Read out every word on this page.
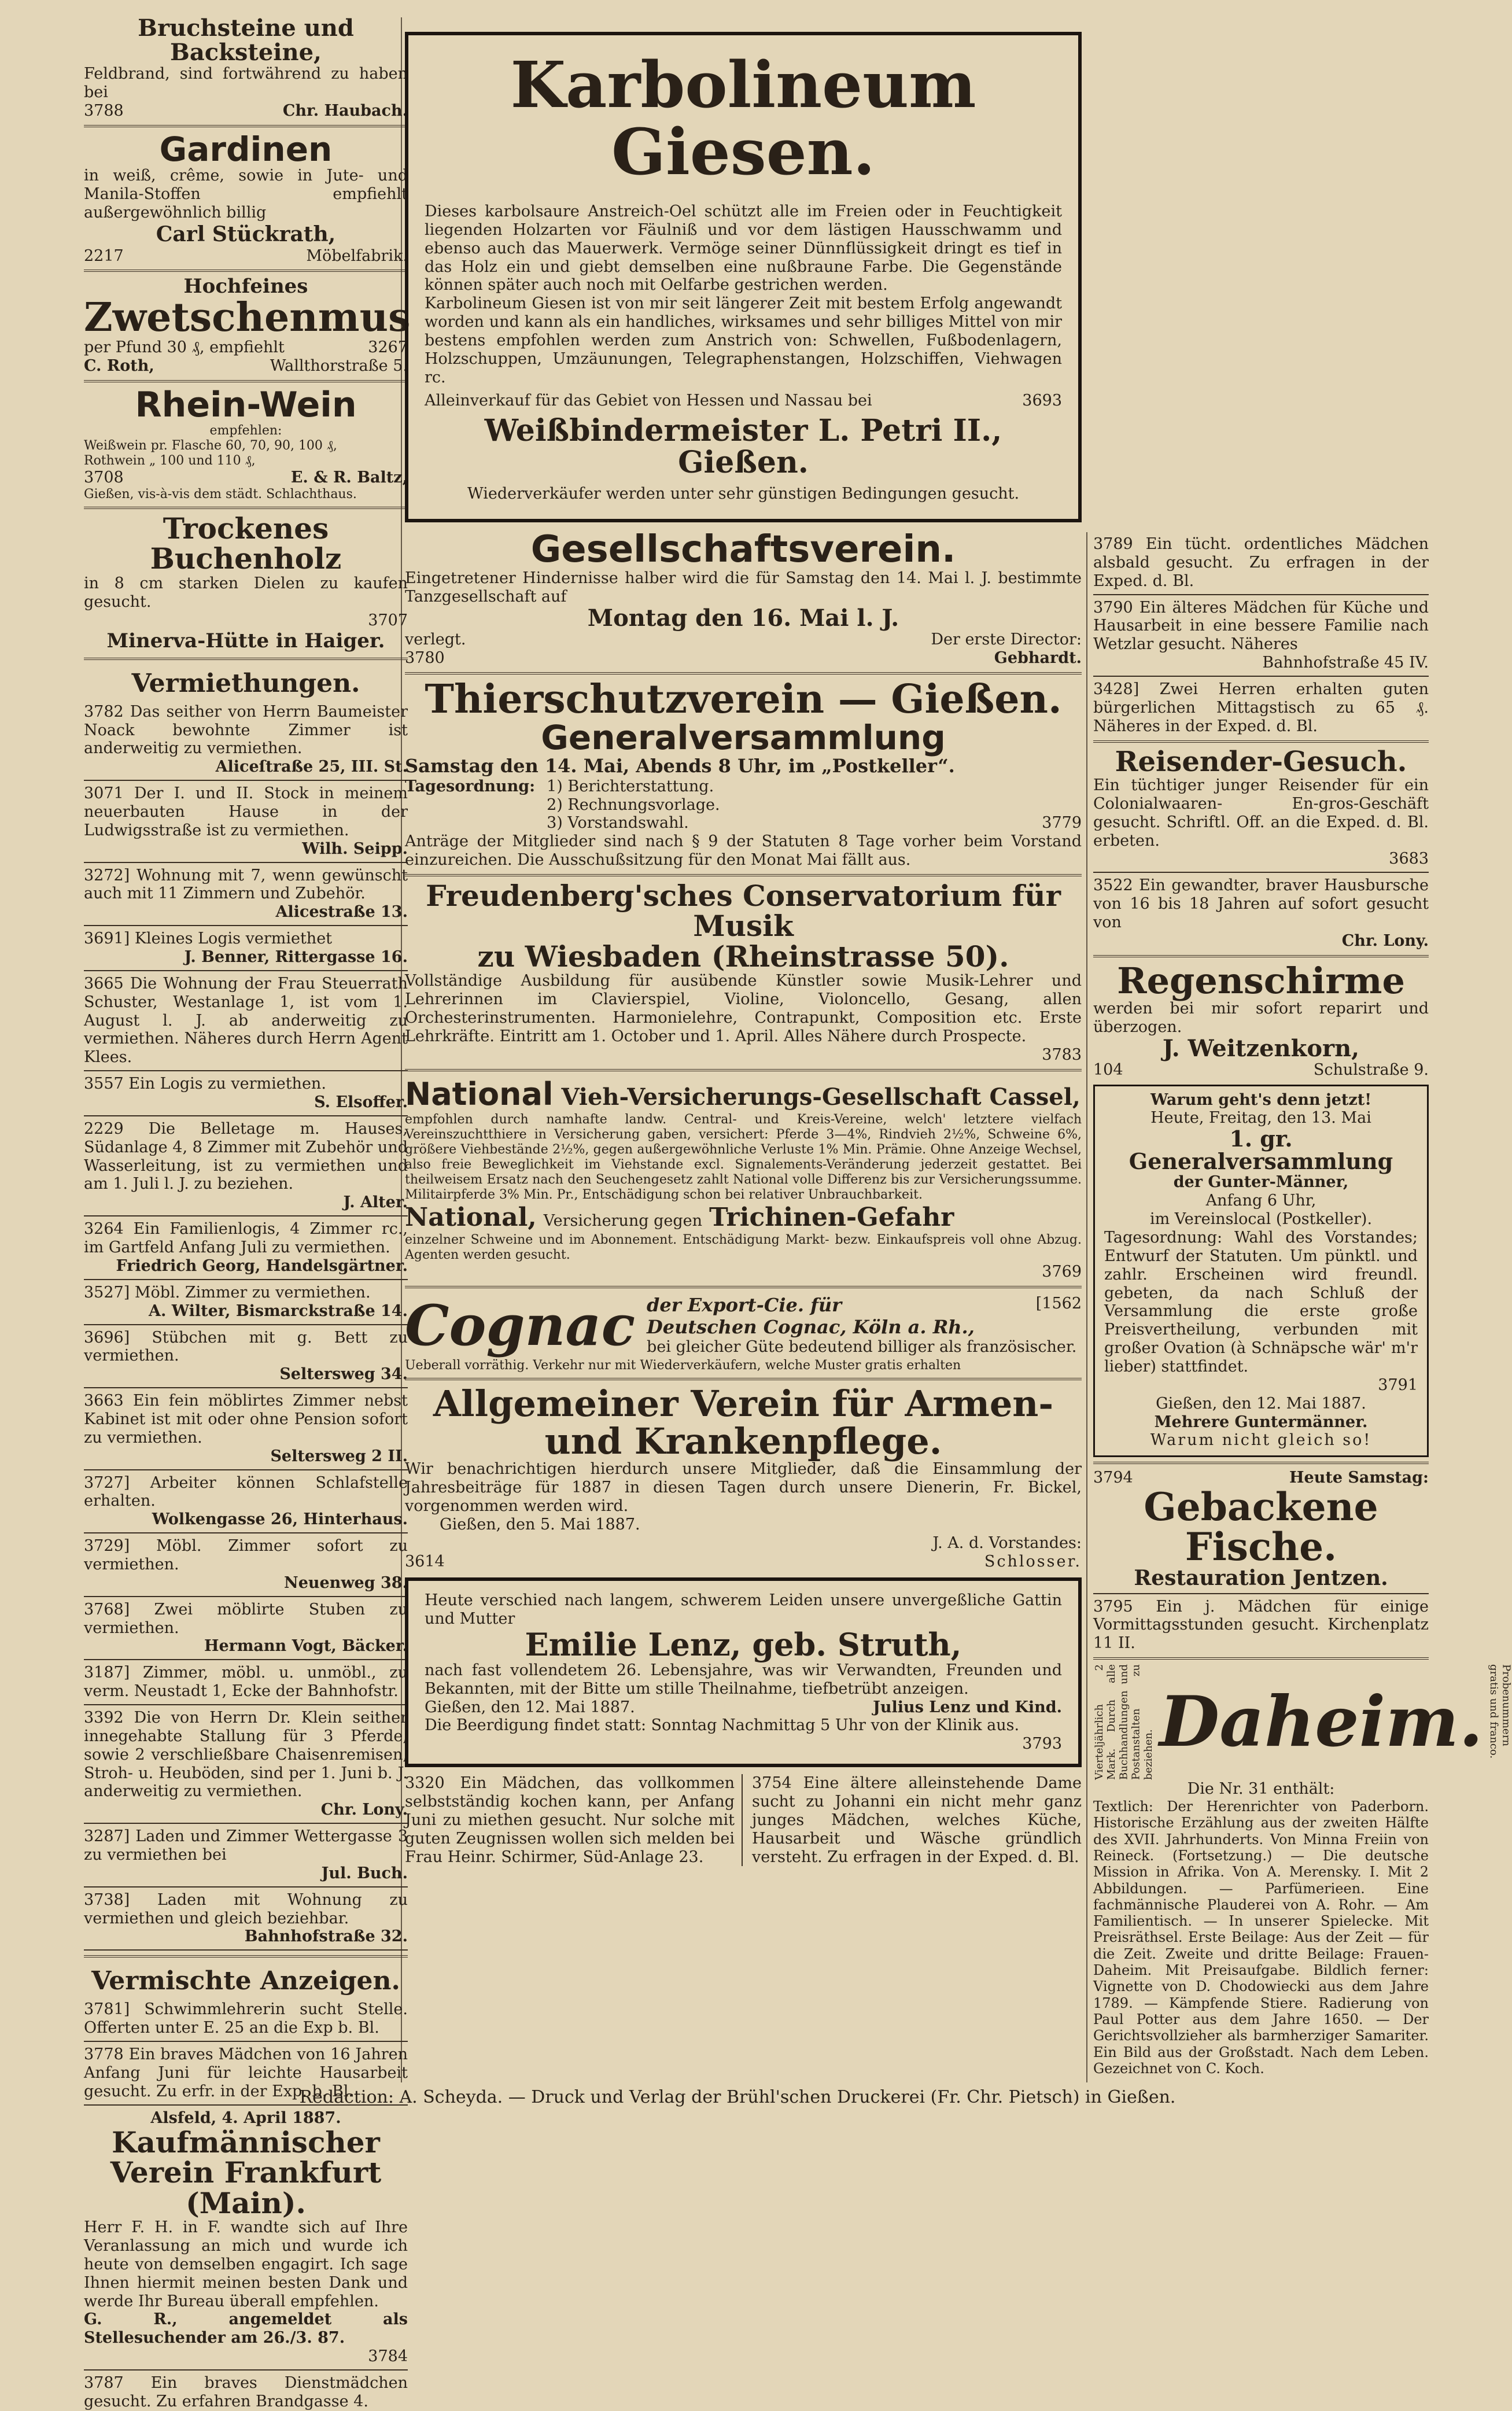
Bruchsteine und Backsteine,

Feldbrand, sind fortwährend zu haben bei

3788	Chr. Haubach.

Gardinen

in weiß, crême, sowie in Jute- und Manila-Stoffen empfiehlt außergewöhnlich billig

Carl Stückrath,

2217	Möbelfabrik.

Hochfeines

Zwetschenmus

per Pfund 30 ₰, empfiehlt	3267
C. Roth,	Wallthorstraße 5.

Rhein-Wein

empfehlen:

Weißwein pr. Flasche 60, 70, 90, 100 ₰,

Rothwein „ 100 und 110 ₰,

3708	E. & R. Baltz,

Gießen, vis-à-vis dem städt. Schlachthaus.

Trockenes Buchenholz

in 8 cm starken Dielen zu kaufen gesucht.

3707

Minerva-Hütte in Haiger.

Vermiethungen.

3782 Das seither von Herrn Baumeister Noack bewohnte Zimmer ist anderweitig zu vermiethen.

Aliceſtraße 25, III. St.

3071 Der I. und II. Stock in meinem neuerbauten Hause in der Ludwigsstraße ist zu vermiethen.

Wilh. Seipp.

3272] Wohnung mit 7, wenn gewünscht auch mit 11 Zimmern und Zubehör.

Alicestraße 13.

3691] Kleines Logis vermiethet

J. Benner, Rittergasse 16.

3665 Die Wohnung der Frau Steuerrath Schuster, Westanlage 1, ist vom 1. August l. J. ab anderweitig zu vermiethen. Näheres durch Herrn Agent Klees.

3557 Ein Logis zu vermiethen.

S. Elsoffer.

2229 Die Belletage m. Hauses, Südanlage 4, 8 Zimmer mit Zubehör und Wasserleitung, ist zu vermiethen und am 1. Juli l. J. zu beziehen.

J. Alter.

3264 Ein Familienlogis, 4 Zimmer rc., im Gartfeld Anfang Juli zu vermiethen.

Friedrich Georg, Handelsgärtner.

3527] Möbl. Zimmer zu vermiethen.

A. Wilter, Bismarckstraße 14.

3696] Stübchen mit g. Bett zu vermiethen.

Seltersweg 34.

3663 Ein fein möblirtes Zimmer nebst Kabinet ist mit oder ohne Pension sofort zu vermiethen.

Seltersweg 2 II.

3727] Arbeiter können Schlafstelle erhalten.

Wolkengasse 26, Hinterhaus.

3729] Möbl. Zimmer sofort zu vermiethen.

Neuenweg 38.

3768] Zwei möblirte Stuben zu vermiethen.

Hermann Vogt, Bäcker.

3187] Zimmer, möbl. u. unmöbl., zu verm. Neustadt 1, Ecke der Bahnhofstr.

3392 Die von Herrn Dr. Klein seither innegehabte Stallung für 3 Pferde, sowie 2 verschließbare Chaisenremisen, Stroh- u. Heuböden, sind per 1. Juni b. J. anderweitig zu vermiethen.

Chr. Lony.

3287] Laden und Zimmer Wettergasse 3 zu vermiethen bei

Jul. Buch.

3738] Laden mit Wohnung zu vermiethen und gleich beziehbar.

Bahnhofstraße 32.

Vermischte Anzeigen.

3781] Schwimmlehrerin sucht Stelle. Offerten unter E. 25 an die Exp b. Bl.

3778 Ein braves Mädchen von 16 Jahren Anfang Juni für leichte Hausarbeit gesucht. Zu erfr. in der Exp. b. Bl.

Alsfeld, 4. April 1887.

Kaufmännischer Verein Frankfurt (Main).

Herr F. H. in F. wandte sich auf Ihre Veranlassung an mich und wurde ich heute von demselben engagirt. Ich sage Ihnen hiermit meinen besten Dank und werde Ihr Bureau überall empfehlen.

G. R., angemeldet als Stellesuchender am 26./3. 87.

3784

3787 Ein braves Dienstmädchen gesucht. Zu erfahren Brandgasse 4.

Karbolineum Giesen.

Dieses karbolsaure Anstreich-Oel schützt alle im Freien oder in Feuchtigkeit liegenden Holzarten vor Fäulniß und vor dem lästigen Hausschwamm und ebenso auch das Mauerwerk. Vermöge seiner Dünnflüssigkeit dringt es tief in das Holz ein und giebt demselben eine nußbraune Farbe. Die Gegenstände können später auch noch mit Oelfarbe gestrichen werden.

Karbolineum Giesen ist von mir seit längerer Zeit mit bestem Erfolg angewandt worden und kann als ein handliches, wirksames und sehr billiges Mittel von mir bestens empfohlen werden zum Anstrich von: Schwellen, Fußbodenlagern, Holzschuppen, Umzäunungen, Telegraphenstangen, Holzschiffen, Viehwagen rc.

Alleinverkauf für das Gebiet von Hessen und Nassau bei	3693

Weißbindermeister L. Petri II., Gießen.

Wiederverkäufer werden unter sehr günstigen Bedingungen gesucht.

Gesellschaftsverein.

Eingetretener Hindernisse halber wird die für Samstag den 14. Mai l. J. bestimmte Tanzgesellschaft auf

Montag den 16. Mai l. J.

verlegt.	Der erste Director:
3780	Gebhardt.

Thierschutzverein — Gießen.

Generalversammlung

Samstag den 14. Mai, Abends 8 Uhr, im „Postkeller“.

Tagesordnung: 1) Berichterstattung.

2) Rechnungsvorlage.

3) Vorstandswahl.	3779

Anträge der Mitglieder sind nach § 9 der Statuten 8 Tage vorher beim Vorstand einzureichen. Die Ausschußsitzung für den Monat Mai fällt aus.

Freudenberg'sches Conservatorium für Musik

zu Wiesbaden (Rheinstrasse 50).

Vollständige Ausbildung für ausübende Künstler sowie Musik-Lehrer und Lehrerinnen im Clavierspiel, Violine, Violoncello, Gesang, allen Orchesterinstrumenten. Harmonielehre, Contrapunkt, Composition etc. Erste Lehrkräfte. Eintritt am 1. October und 1. April. Alles Nähere durch Prospecte.

3783

National Vieh-Versicherungs-Gesellschaft Cassel,

empfohlen durch namhafte landw. Central- und Kreis-Vereine, welch' letztere vielfach Vereinszuchtthiere in Versicherung gaben, versichert: Pferde 3—4%, Rindvieh 2½%, Schweine 6%, größere Viehbestände 2½%, gegen außergewöhnliche Verluste 1% Min. Prämie. Ohne Anzeige Wechsel, also freie Beweglichkeit im Viehstande excl. Signalements-Veränderung jederzeit gestattet. Bei theilweisem Ersatz nach den Seuchengesetz zahlt National volle Differenz bis zur Versicherungssumme. Militairpferde 3% Min. Pr., Entschädigung schon bei relativer Unbrauchbarkeit.

National, Versicherung gegen Trichinen-Gefahr

einzelner Schweine und im Abonnement. Entschädigung Markt- bezw. Einkaufspreis voll ohne Abzug. Agenten werden gesucht.

3769

Cognac der Export-Cie. für	[1562

Deutschen Cognac, Köln a. Rh.,

bei gleicher Güte bedeutend billiger als französischer.

Ueberall vorräthig. Verkehr nur mit Wiederverkäufern, welche Muster gratis erhalten

Allgemeiner Verein für Armen- und Krankenpflege.

Wir benachrichtigen hierdurch unsere Mitglieder, daß die Einsammlung der Jahresbeiträge für 1887 in diesen Tagen durch unsere Dienerin, Fr. Bickel, vorgenommen werden wird.

Gießen, den 5. Mai 1887.

J. A. d. Vorstandes:

3614	Schlosser.

Heute verschied nach langem, schwerem Leiden unsere unvergeßliche Gattin und Mutter

Emilie Lenz, geb. Struth,

nach fast vollendetem 26. Lebensjahre, was wir Verwandten, Freunden und Bekannten, mit der Bitte um stille Theilnahme, tiefbetrübt anzeigen.

Gießen, den 12. Mai 1887.	Julius Lenz und Kind.

Die Beerdigung findet statt: Sonntag Nachmittag 5 Uhr von der Klinik aus.

3793

3320 Ein Mädchen, das vollkommen selbstständig kochen kann, per Anfang Juni zu miethen gesucht. Nur solche mit guten Zeugnissen wollen sich melden bei Frau Heinr. Schirmer, Süd-Anlage 23.

3754 Eine ältere alleinstehende Dame sucht zu Johanni ein nicht mehr ganz junges Mädchen, welches Küche, Hausarbeit und Wäsche gründlich versteht. Zu erfragen in der Exped. d. Bl.

3789 Ein tücht. ordentliches Mädchen alsbald gesucht. Zu erfragen in der Exped. d. Bl.

3790 Ein älteres Mädchen für Küche und Hausarbeit in eine bessere Familie nach Wetzlar gesucht. Näheres

Bahnhofstraße 45 IV.

3428] Zwei Herren erhalten guten bürgerlichen Mittagstisch zu 65 ₰. Näheres in der Exped. d. Bl.

Reisender-Gesuch.

Ein tüchtiger junger Reisender für ein Colonialwaaren- En-gros-Geschäft gesucht. Schriftl. Off. an die Exped. d. Bl. erbeten.

3683

3522 Ein gewandter, braver Hausbursche von 16 bis 18 Jahren auf sofort gesucht von

Chr. Lony.

Regenschirme

werden bei mir sofort reparirt und überzogen.

J. Weitzenkorn,

104	Schulstraße 9.

Warum geht's denn jetzt!

Heute, Freitag, den 13. Mai

1. gr. Generalversammlung

der Gunter-Männer,

Anfang 6 Uhr,

im Vereinslocal (Postkeller).

Tagesordnung: Wahl des Vorstandes; Entwurf der Statuten. Um pünktl. und zahlr. Erscheinen wird freundl. gebeten, da nach Schluß der Versammlung die erste große Preisvertheilung, verbunden mit großer Ovation (à Schnäpsche wär' m'r lieber) stattfindet.

3791

Gießen, den 12. Mai 1887.

Mehrere Guntermänner.

Warum nicht gleich so!

3794	Heute Samstag:

Gebackene Fische.

Restauration Jentzen.

3795 Ein j. Mädchen für einige Vormittagsstunden gesucht. Kirchenplatz 11 II.

Vierteljährlich 2 Mark. Durch alle Buchhandlungen und Postanstalten zu beziehen. Daheim.	Probenummern gratis und franco.

Die Nr. 31 enthält:

Textlich: Der Herenrichter von Paderborn. Historische Erzählung aus der zweiten Hälfte des XVII. Jahrhunderts. Von Minna Freiin von Reineck. (Fortsetzung.) — Die deutsche Mission in Afrika. Von A. Merensky. I. Mit 2 Abbildungen. — Parfümerieen. Eine fachmännische Plauderei von A. Rohr. — Am Familientisch. — In unserer Spielecke. Mit Preisräthsel. Erste Beilage: Aus der Zeit — für die Zeit. Zweite und dritte Beilage: Frauen-Daheim. Mit Preisaufgabe. Bildlich ferner: Vignette von D. Chodowiecki aus dem Jahre 1789. — Kämpfende Stiere. Radierung von Paul Potter aus dem Jahre 1650. — Der Gerichtsvollzieher als barmherziger Samariter. Ein Bild aus der Großstadt. Nach dem Leben. Gezeichnet von C. Koch.

Redaction: A. Scheyda. — Druck und Verlag der Brühl'schen Druckerei (Fr. Chr. Pietsch) in Gießen.
